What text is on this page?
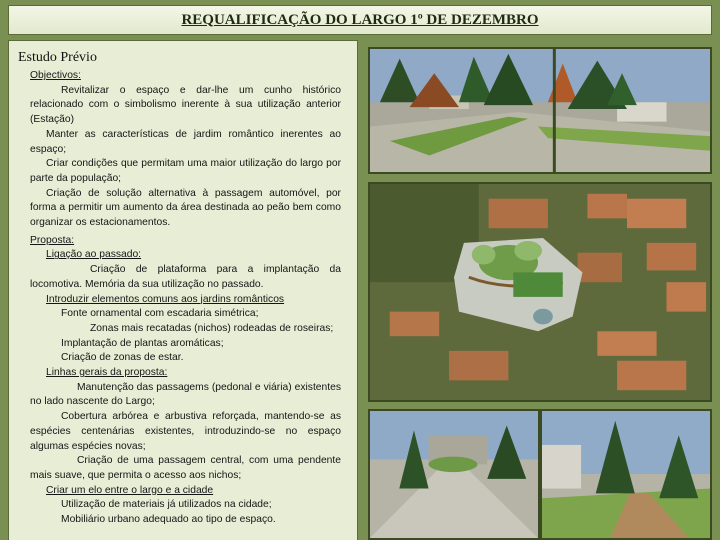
REQUALIFICAÇÃO DO LARGO 1º DE DEZEMBRO
Estudo Prévio

Objectivos:

Revitalizar o espaço e dar-lhe um cunho histórico relacionado com o simbolismo inerente à sua utilização anterior (Estação)

Manter as características de jardim romântico inerentes ao espaço;

Criar condições que permitam uma maior utilização do largo por parte da população;

Criação de solução alternativa à passagem automóvel, por forma a permitir um aumento da área destinada ao peão bem como organizar os estacionamentos.

Proposta:

Ligação ao passado:

Criação de plataforma para a implantação da locomotiva. Memória da sua utilização no passado.

Introduzir elementos comuns aos jardins românticos

Fonte ornamental com escadaria simétrica;

Zonas mais recatadas (nichos) rodeadas de roseiras;

Implantação de plantas aromáticas;

Criação de zonas de estar.

Linhas gerais da proposta:

Manutenção das passagems (pedonal e viária) existentes no lado nascente do Largo;

Cobertura arbórea e arbustiva reforçada, mantendo-se as espécies centenárias existentes, introduzindo-se no espaço algumas espécies novas;

Criação de uma passagem central, com uma pendente mais suave, que permita o acesso aos nichos;

Criar um elo entre o largo e a cidade

Utilização de materiais já utilizados na cidade;

Mobiliário urbano adequado ao tipo de espaço.
